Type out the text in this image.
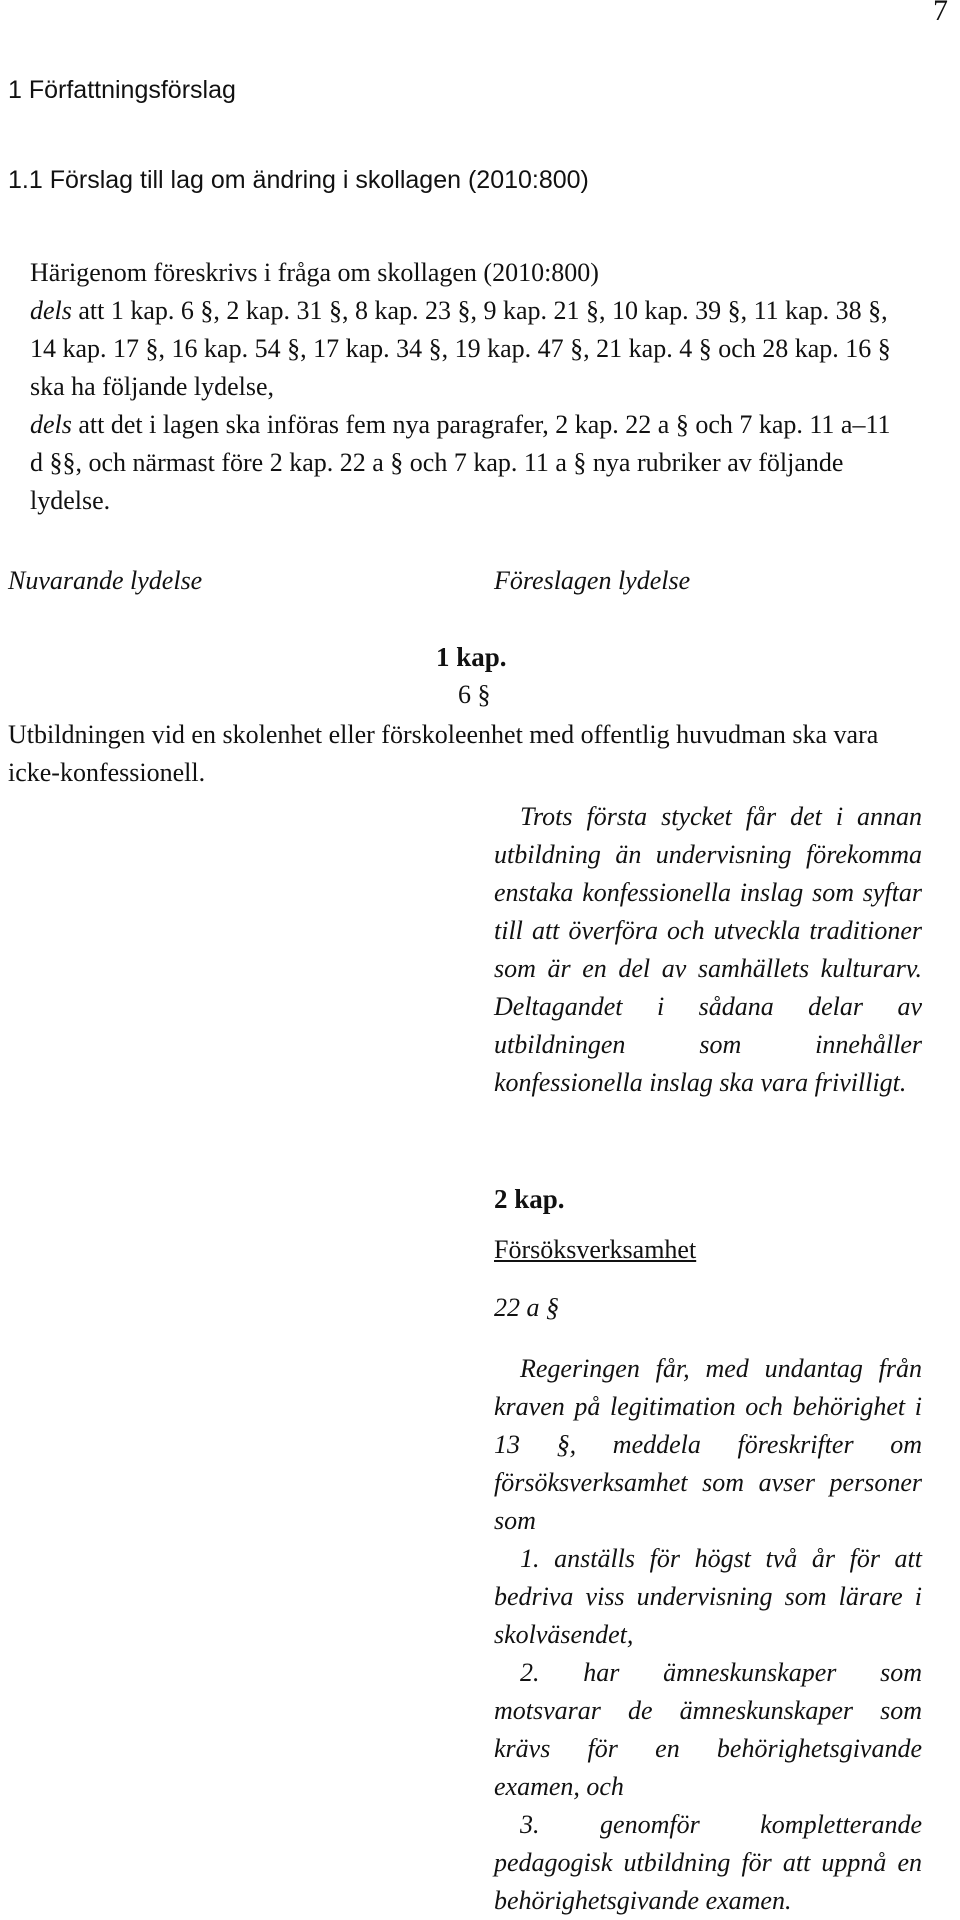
7
1 Författningsförslag
1.1 Förslag till lag om ändring i skollagen (2010:800)

Härigenom föreskrivs i fråga om skollagen (2010:800)

dels att 1 kap. 6 §, 2 kap. 31 §, 8 kap. 23 §, 9 kap. 21 §, 10 kap. 39 §, 11 kap. 38 §, 14 kap. 17 §, 16 kap. 54 §, 17 kap. 34 §, 19 kap. 47 §, 21 kap. 4 § och 28 kap. 16 § ska ha följande lydelse,

dels att det i lagen ska införas fem nya paragrafer, 2 kap. 22 a § och 7 kap. 11 a–11 d §§, och närmast före 2 kap. 22 a § och 7 kap. 11 a § nya rubriker av följande lydelse.

Nuvarande lydelse	Föreslagen lydelse
1 kap.
6 §

Utbildningen vid en skolenhet eller förskoleenhet med offentlig huvudman ska vara icke-konfessionell.

Trots första stycket får det i annan utbildning än undervisning förekomma enstaka konfessionella inslag som syftar till att överföra och utveckla traditioner som är en del av samhällets kulturarv. Deltagandet i sådana delar av utbildningen som innehåller konfessionella inslag ska vara frivilligt.

2 kap.
Försöksverksamhet
22 a §

Regeringen får, med undantag från kraven på legitimation och behörighet i 13 §, meddela föreskrifter om försöksverksamhet som avser personer som

1. anställs för högst två år för att bedriva viss undervisning som lärare i skolväsendet,

2. har ämneskunskaper som motsvarar de ämneskunskaper som krävs för en behörighetsgivande examen, och

3. genomför kompletterande pedagogisk utbildning för att uppnå en behörighetsgivande examen.
